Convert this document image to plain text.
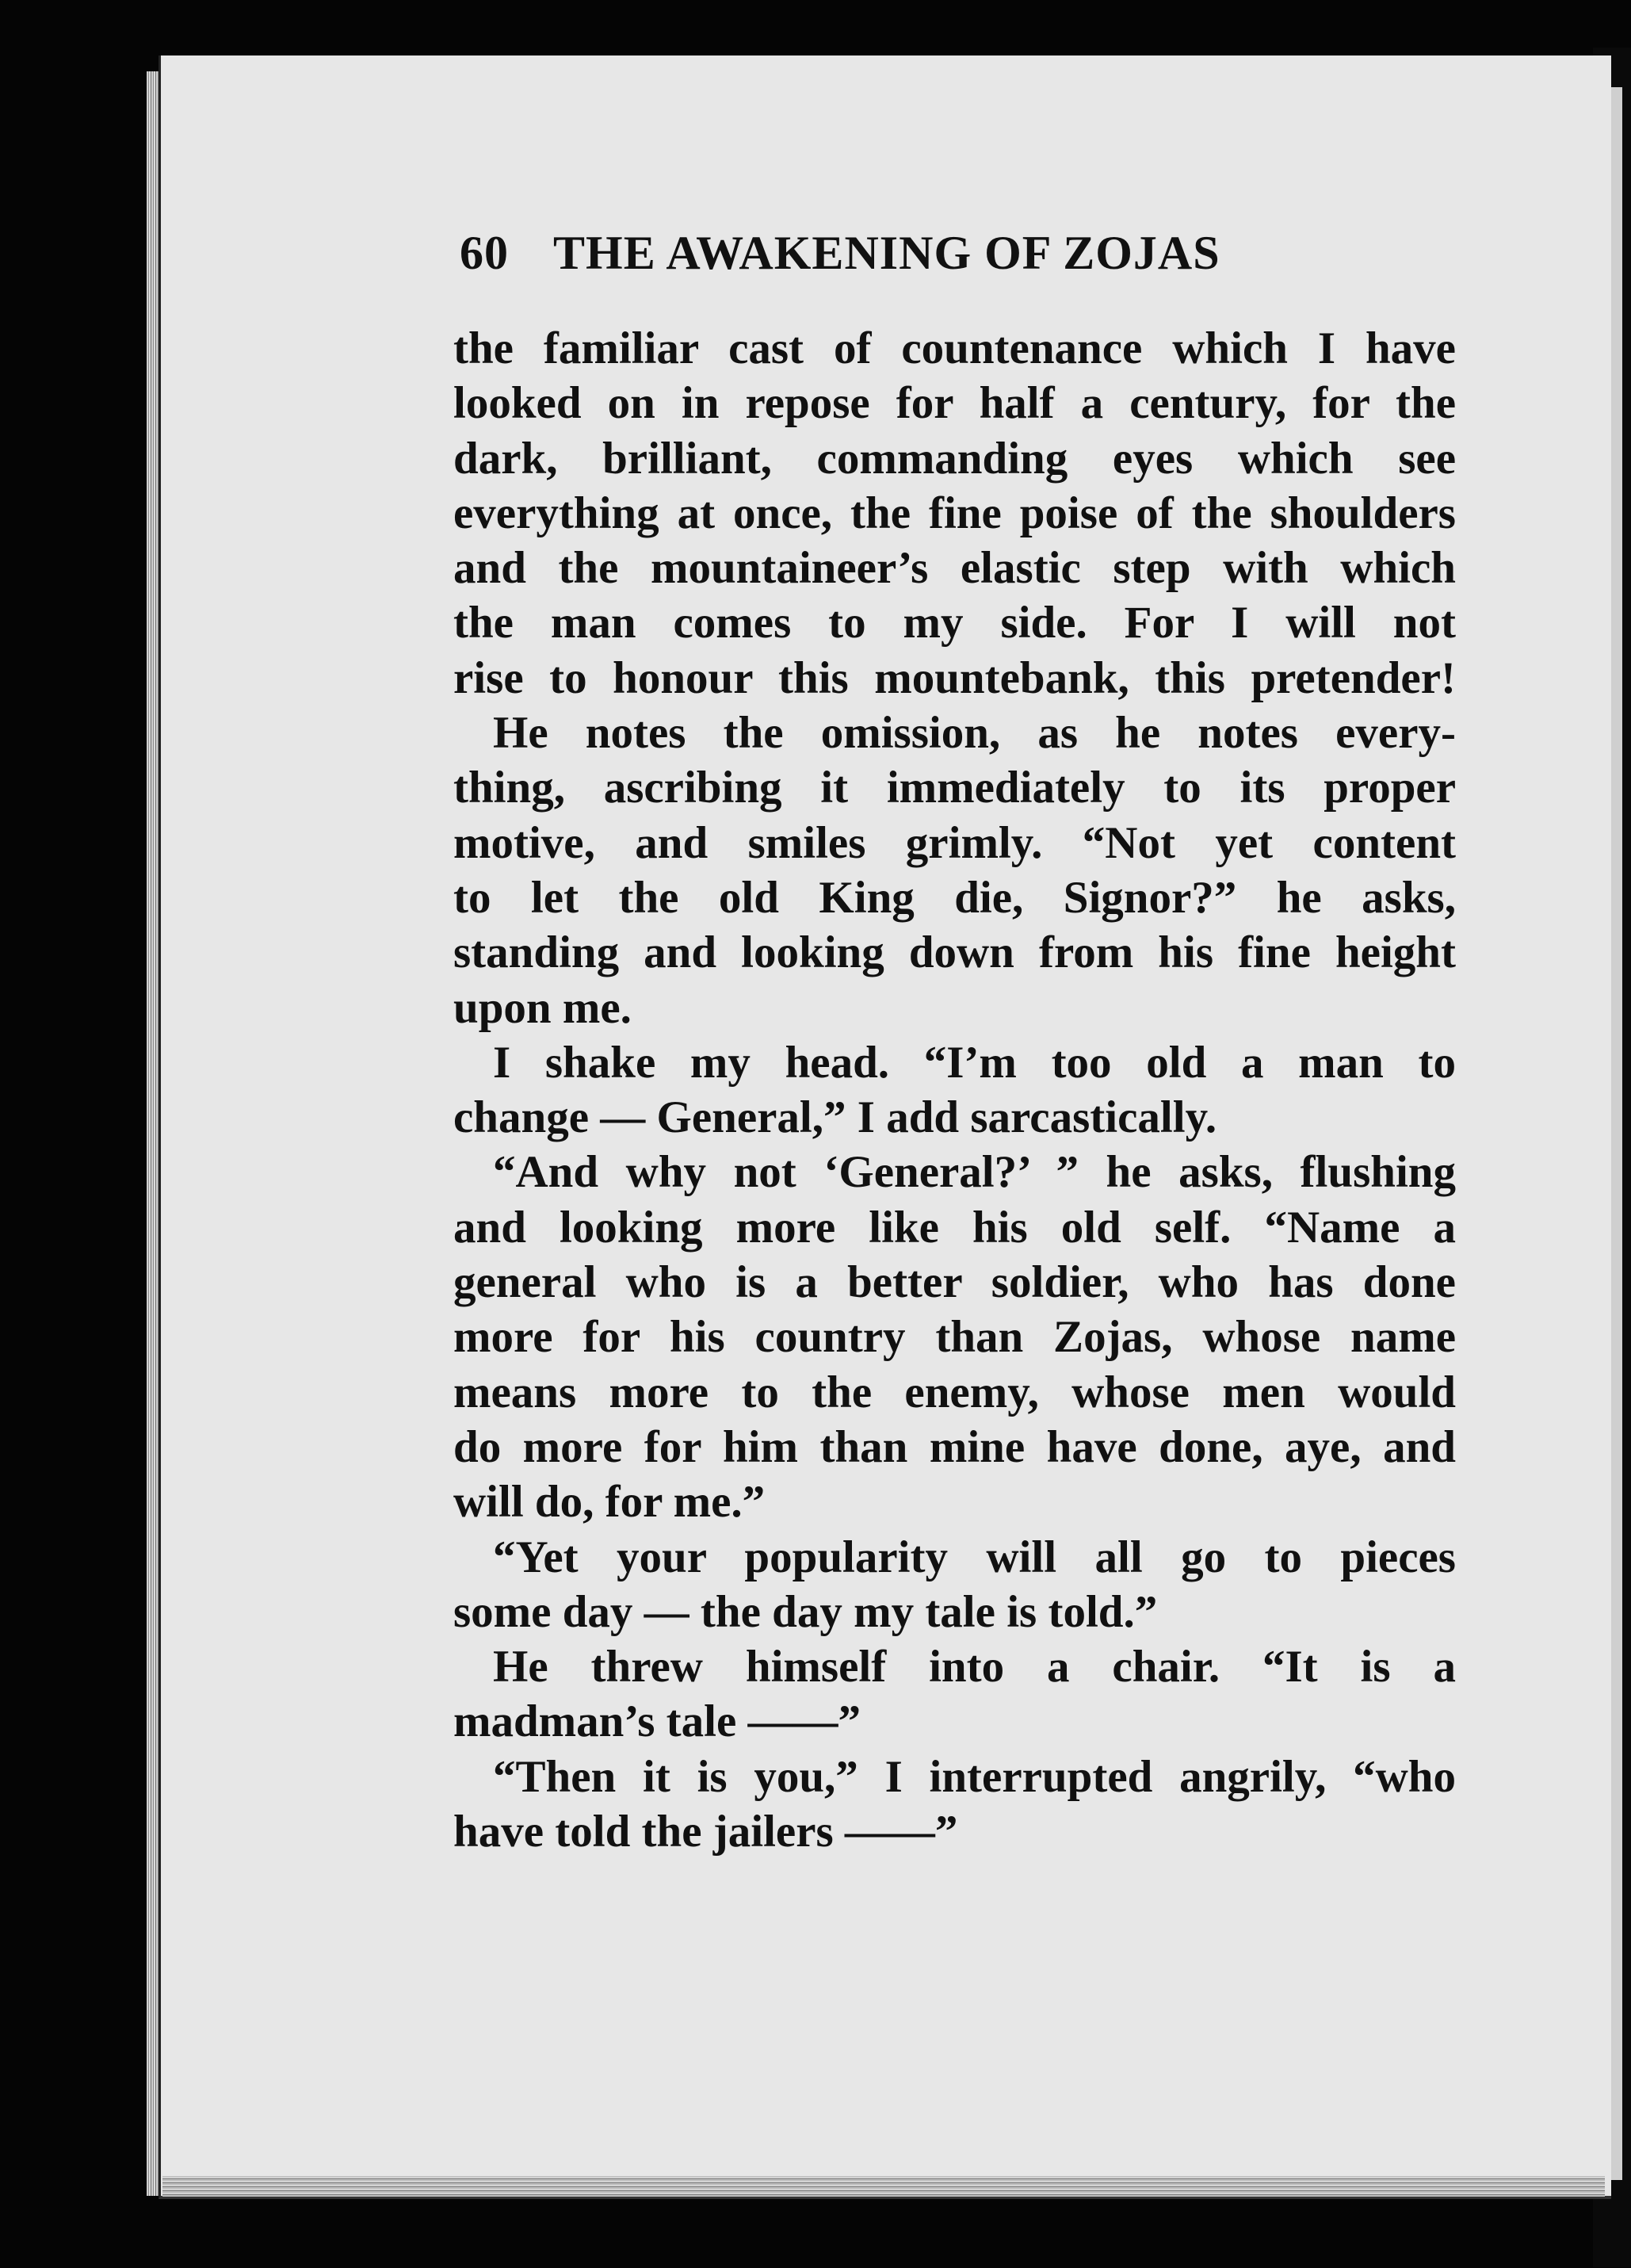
60 THE AWAKENING OF ZOJAS
the familiar cast of countenance which I have
looked on in repose for half a century, for the
dark, brilliant, commanding eyes which see
everything at once, the fine poise of the shoulders
and the mountaineer’s elastic step with which
the man comes to my side. For I will not
rise to honour this mountebank, this pretender!
He notes the omission, as he notes every-
thing, ascribing it immediately to its proper
motive, and smiles grimly. “Not yet content
to let the old King die, Signor?” he asks,
standing and looking down from his fine height
upon me.
I shake my head. “I’m too old a man to
change — General,” I add sarcastically.
“And why not ‘General?’ ” he asks, flushing
and looking more like his old self. “Name a
general who is a better soldier, who has done
more for his country than Zojas, whose name
means more to the enemy, whose men would
do more for him than mine have done, aye, and
will do, for me.”
“Yet your popularity will all go to pieces
some day — the day my tale is told.”
He threw himself into a chair. “It is a
madman’s tale ——”
“Then it is you,” I interrupted angrily, “who
have told the jailers ——”
